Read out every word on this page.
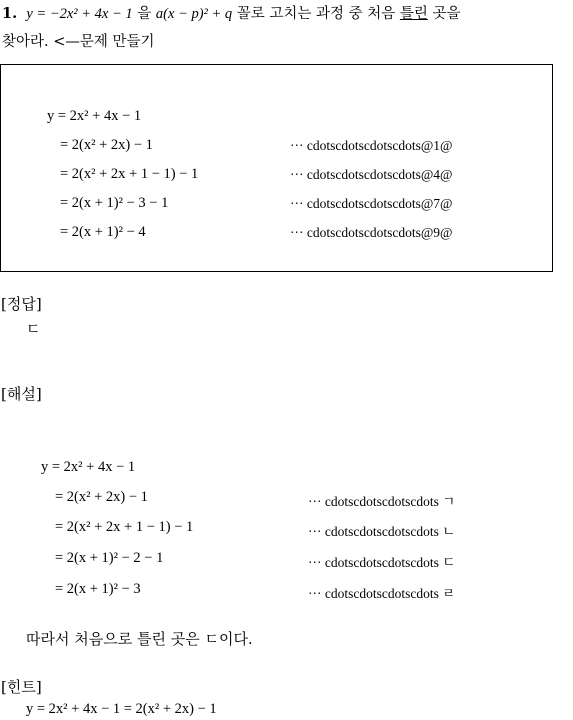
1. y = −2x² + 4x − 1 을 a(x − p)² + q 꼴로 고치는 과정 중 처음 틀린 곳을
찾아라. <—문제 만들기
y = 2x² + 4x − 1
= 2(x² + 2x) − 1	··· cdotscdotscdotscdots@1@
= 2(x² + 2x + 1 − 1) − 1	··· cdotscdotscdotscdots@4@
= 2(x + 1)² − 3 − 1	··· cdotscdotscdotscdots@7@
= 2(x + 1)² − 4	··· cdotscdotscdotscdots@9@
[정답]
ㄷ
[해설]
y = 2x² + 4x − 1
= 2(x² + 2x) − 1	··· cdotscdotscdotscdots ㄱ
= 2(x² + 2x + 1 − 1) − 1	··· cdotscdotscdotscdots ㄴ
= 2(x + 1)² − 2 − 1	··· cdotscdotscdotscdots ㄷ
= 2(x + 1)² − 3	··· cdotscdotscdotscdots ㄹ
따라서 처음으로 틀린 곳은 ㄷ이다.
[힌트]
y = 2x² + 4x − 1 = 2(x² + 2x) − 1
